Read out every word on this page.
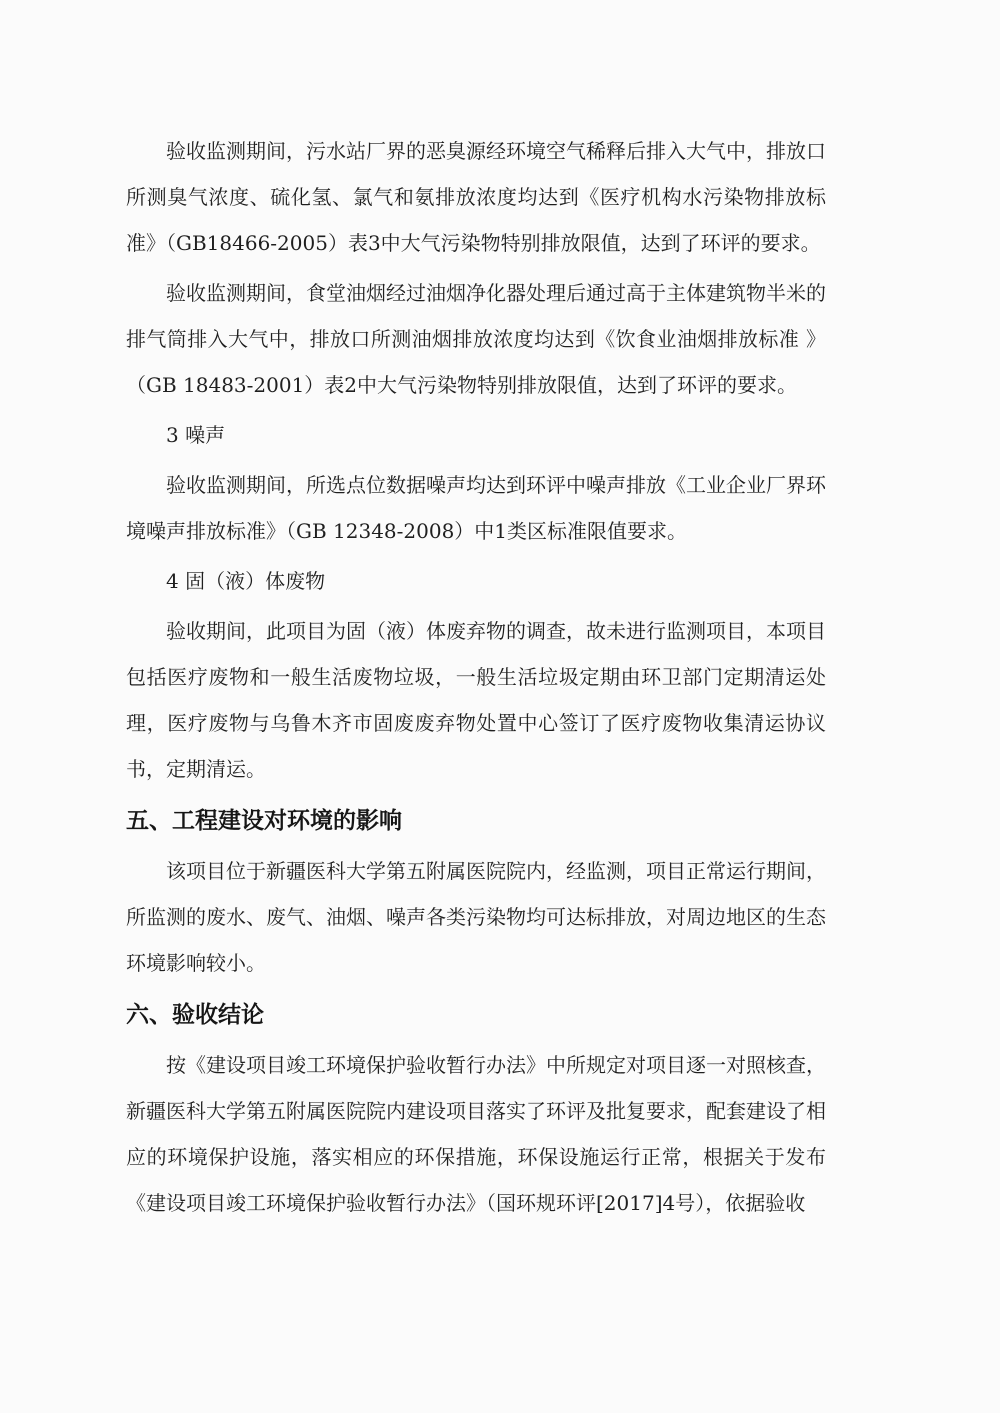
验收监测期间，污水站厂界的恶臭源经环境空气稀释后排入大气中，排放口所测臭气浓度、硫化氢、氯气和氨排放浓度均达到《医疗机构水污染物排放标准》（GB18466-2005）表3中大气污染物特别排放限值，达到了环评的要求。

验收监测期间，食堂油烟经过油烟净化器处理后通过高于主体建筑物半米的排气筒排入大气中，排放口所测油烟排放浓度均达到《饮食业油烟排放标准 》（GB 18483-2001）表2中大气污染物特别排放限值，达到了环评的要求。

3 噪声

验收监测期间，所选点位数据噪声均达到环评中噪声排放《工业企业厂界环境噪声排放标准》（GB 12348-2008）中1类区标准限值要求。

4 固（液）体废物

验收期间，此项目为固（液）体废弃物的调查，故未进行监测项目，本项目包括医疗废物和一般生活废物垃圾，一般生活垃圾定期由环卫部门定期清运处理，医疗废物与乌鲁木齐市固废废弃物处置中心签订了医疗废物收集清运协议书，定期清运。

五、工程建设对环境的影响

该项目位于新疆医科大学第五附属医院院内，经监测，项目正常运行期间，所监测的废水、废气、油烟、噪声各类污染物均可达标排放，对周边地区的生态环境影响较小。

六、验收结论

按《建设项目竣工环境保护验收暂行办法》中所规定对项目逐一对照核查，新疆医科大学第五附属医院院内建设项目落实了环评及批复要求，配套建设了相应的环境保护设施，落实相应的环保措施，环保设施运行正常，根据关于发布《建设项目竣工环境保护验收暂行办法》（国环规环评[2017]4号），依据验收
